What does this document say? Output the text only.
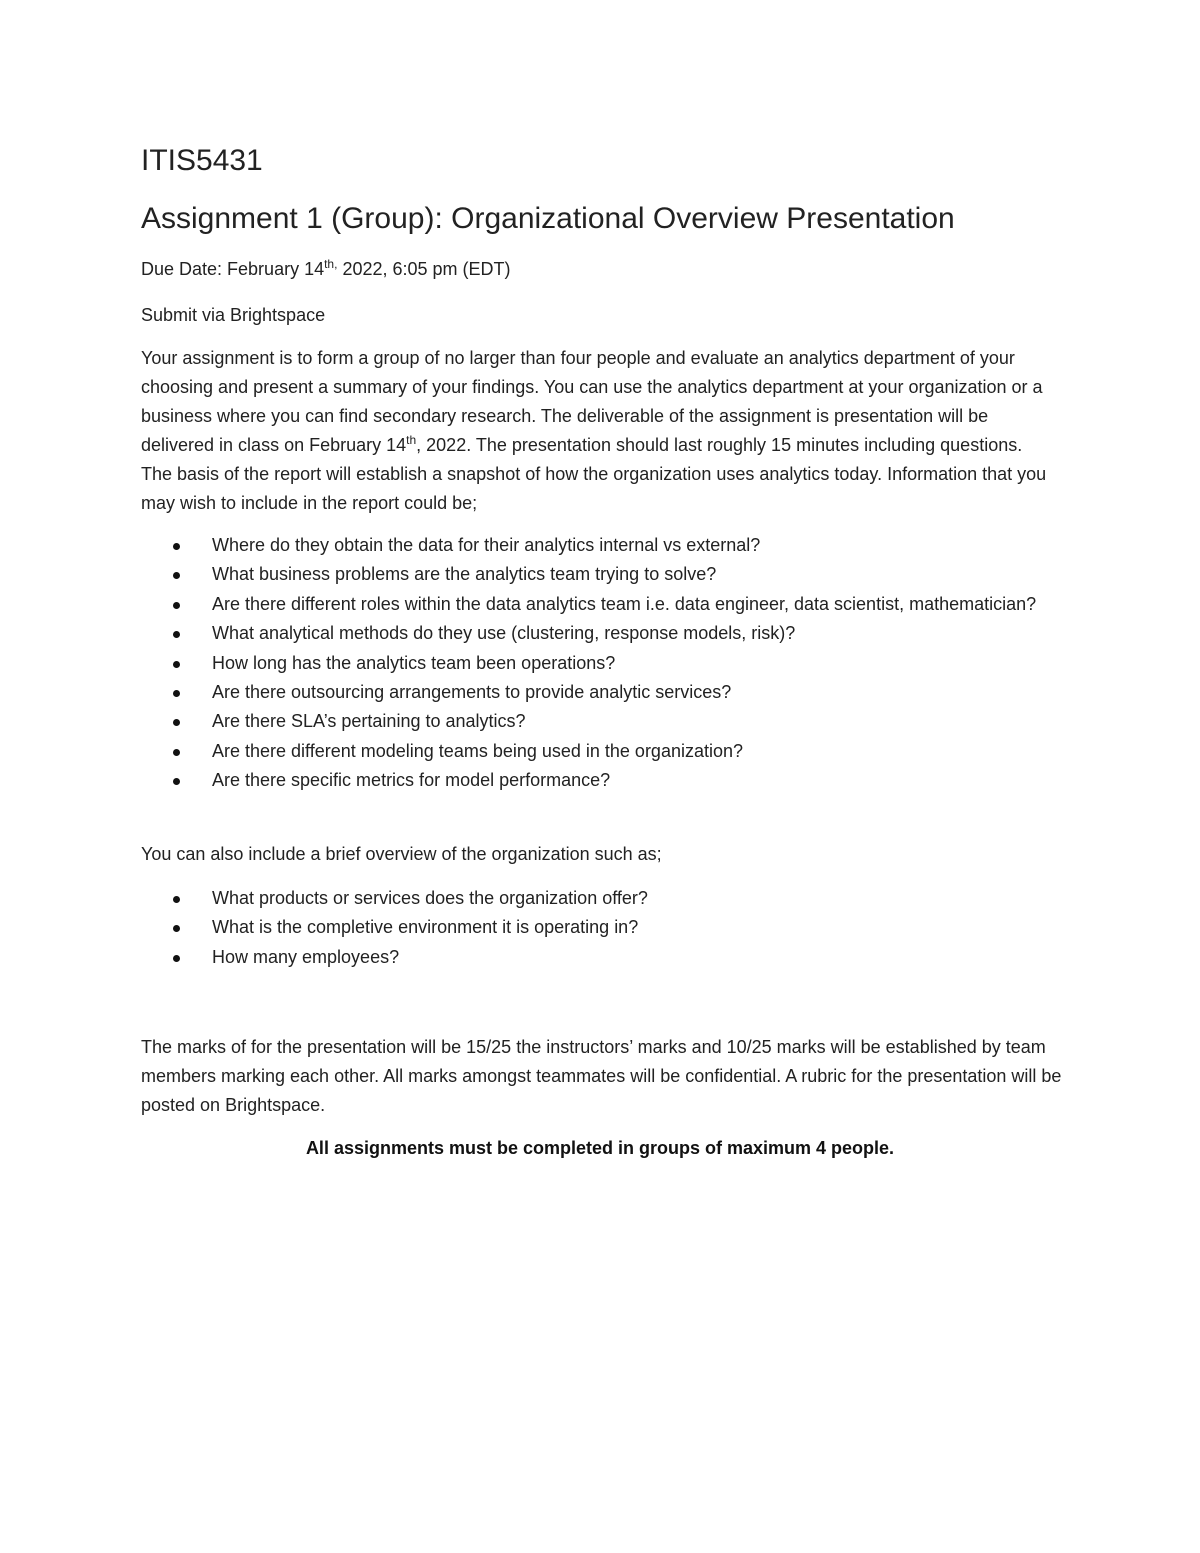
ITIS5431
Assignment 1 (Group): Organizational Overview Presentation

Due Date: February $14^{th,}$ 2022, 6:05 pm (EDT)

Submit via Brightspace

Your assignment is to form a group of no larger than four people and evaluate an analytics department of your choosing and present a summary of your findings. You can use the analytics department at your organization or a business where you can find secondary research. The deliverable of the assignment is presentation will be delivered in class on February 14th, 2022. The presentation should last roughly 15 minutes including questions. The basis of the report will establish a snapshot of how the organization uses analytics today. Information that you may wish to include in the report could be;

Where do they obtain the data for their analytics internal vs external?
What business problems are the analytics team trying to solve?
Are there different roles within the data analytics team i.e. data engineer, data scientist, mathematician?
What analytical methods do they use (clustering, response models, risk)?
How long has the analytics team been operations?
Are there outsourcing arrangements to provide analytic services?
Are there SLA’s pertaining to analytics?
Are there different modeling teams being used in the organization?
Are there specific metrics for model performance?

You can also include a brief overview of the organization such as;

What products or services does the organization offer?
What is the completive environment it is operating in?
How many employees?

The marks of for the presentation will be 15/25 the instructors’ marks and 10/25 marks will be established by team members marking each other. All marks amongst teammates will be confidential. A rubric for the presentation will be posted on Brightspace.

All assignments must be completed in groups of maximum 4 people.
